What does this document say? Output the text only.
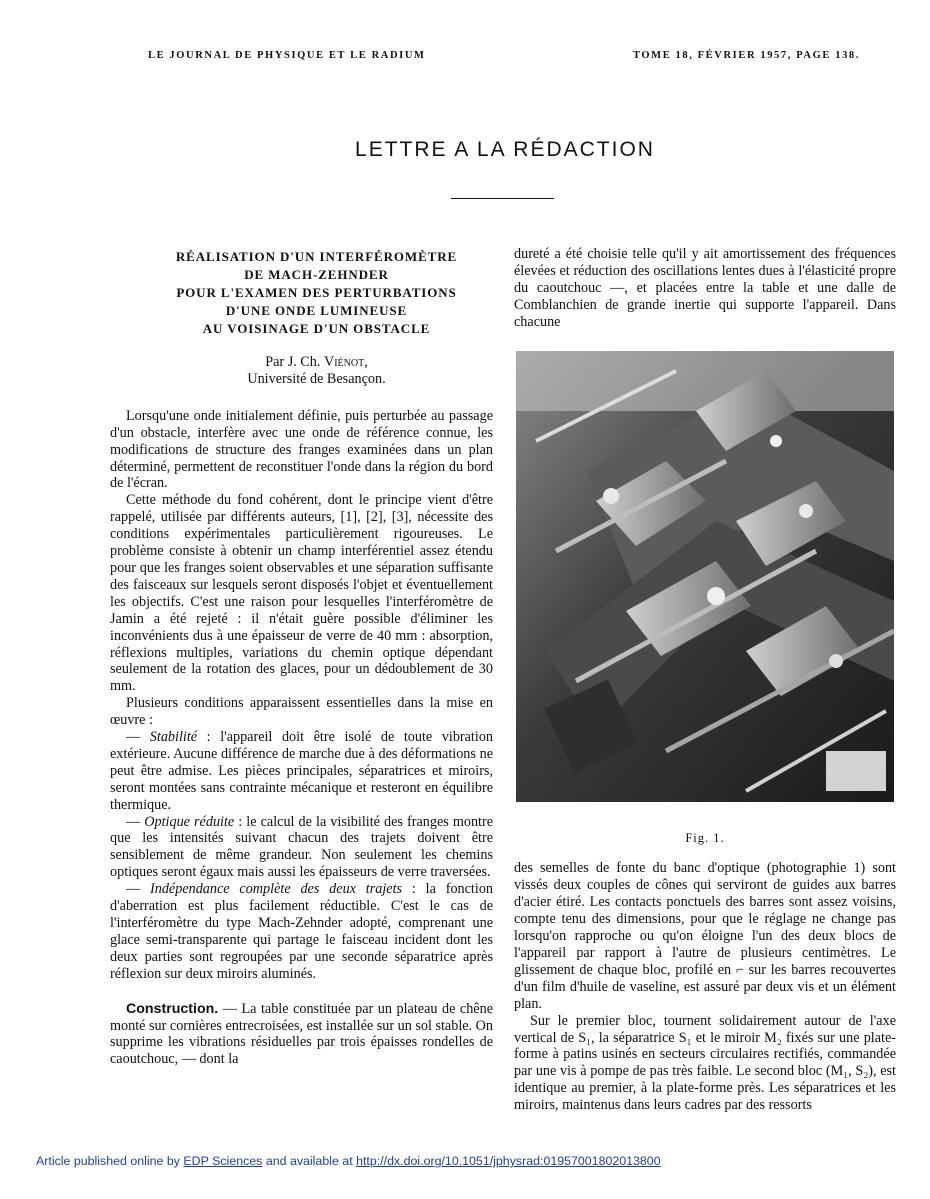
LE JOURNAL DE PHYSIQUE ET LE RADIUM	TOME 18, FÉVRIER 1957, PAGE 138.
LETTRE A LA RÉDACTION
RÉALISATION D'UN INTERFÉROMÈTRE
DE MACH-ZEHNDER
POUR L'EXAMEN DES PERTURBATIONS
D'UNE ONDE LUMINEUSE
AU VOISINAGE D'UN OBSTACLE
Par J. Ch. Viénot,
Université de Besançon.

Lorsqu'une onde initialement définie, puis perturbée au passage d'un obstacle, interfère avec une onde de référence connue, les modifications de structure des franges examinées dans un plan déterminé, permettent de reconstituer l'onde dans la région du bord de l'écran.

Cette méthode du fond cohérent, dont le principe vient d'être rappelé, utilisée par différents auteurs, [1], [2], [3], nécessite des conditions expérimentales particulièrement rigoureuses. Le problème consiste à obtenir un champ interférentiel assez étendu pour que les franges soient observables et une séparation suffisante des faisceaux sur lesquels seront disposés l'objet et éventuellement les objectifs. C'est une raison pour lesquelles l'interféromètre de Jamin a été rejeté : il n'était guère possible d'éliminer les inconvénients dus à une épaisseur de verre de 40 mm : absorption, réflexions multiples, variations du chemin optique dépendant seulement de la rotation des glaces, pour un dédoublement de 30 mm.

Plusieurs conditions apparaissent essentielles dans la mise en œuvre :

— Stabilité : l'appareil doit être isolé de toute vibration extérieure. Aucune différence de marche due à des déformations ne peut être admise. Les pièces principales, séparatrices et miroirs, seront montées sans contrainte mécanique et resteront en équilibre thermique.

— Optique réduite : le calcul de la visibilité des franges montre que les intensités suivant chacun des trajets doivent être sensiblement de même grandeur. Non seulement les chemins optiques seront égaux mais aussi les épaisseurs de verre traversées.

— Indépendance complète des deux trajets : la fonction d'aberration est plus facilement réductible. C'est le cas de l'interféromètre du type Mach-Zehnder adopté, comprenant une glace semi-transparente qui partage le faisceau incident dont les deux parties sont regroupées par une seconde séparatrice après réflexion sur deux miroirs aluminés.

Construction. — La table constituée par un plateau de chêne monté sur cornières entrecroisées, est installée sur un sol stable. On supprime les vibrations résiduelles par trois épaisses rondelles de caoutchouc, — dont la

dureté a été choisie telle qu'il y ait amortissement des fréquences élevées et réduction des oscillations lentes dues à l'élasticité propre du caoutchouc —, et placées entre la table et une dalle de Comblanchien de grande inertie qui supporte l'appareil. Dans chacune

Fig. 1.

des semelles de fonte du banc d'optique (photographie 1) sont vissés deux couples de cônes qui serviront de guides aux barres d'acier étiré. Les contacts ponctuels des barres sont assez voisins, compte tenu des dimensions, pour que le réglage ne change pas lorsqu'on rapproche ou qu'on éloigne l'un des deux blocs de l'appareil par rapport à l'autre de plusieurs centimètres. Le glissement de chaque bloc, profilé en ⌐ sur les barres recouvertes d'un film d'huile de vaseline, est assuré par deux vis et un élément plan.

Sur le premier bloc, tournent solidairement autour de l'axe vertical de S₁, la séparatrice S₁ et le miroir M₂ fixés sur une plate-forme à patins usinés en secteurs circulaires rectifiés, commandée par une vis à pompe de pas très faible. Le second bloc (M₁, S₂), est identique au premier, à la plate-forme près. Les séparatrices et les miroirs, maintenus dans leurs cadres par des ressorts

Article published online by EDP Sciences and available at http://dx.doi.org/10.1051/jphysrad:01957001802013800
